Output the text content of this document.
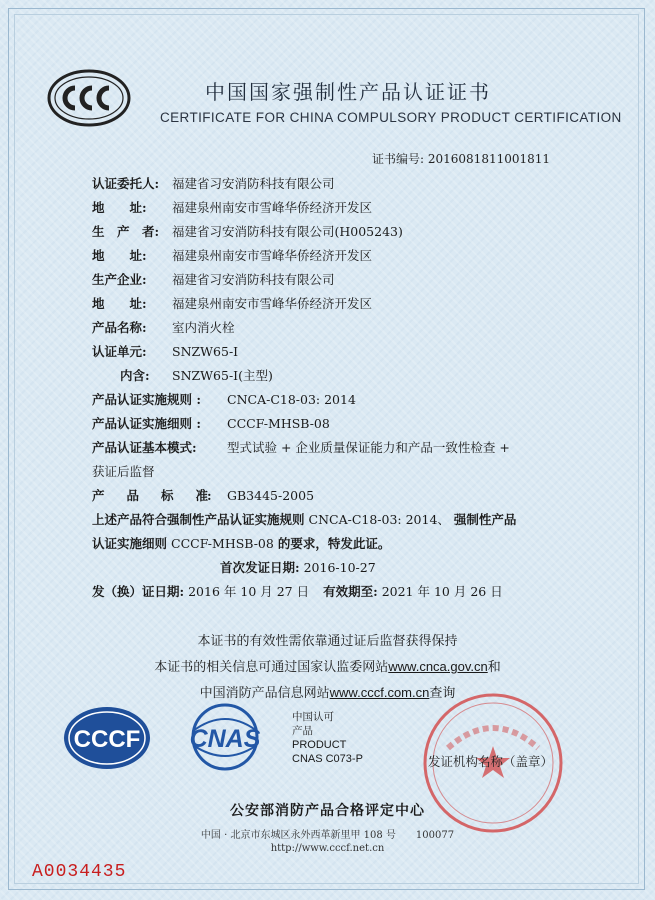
中国国家强制性产品认证证书
CERTIFICATE FOR CHINA COMPULSORY PRODUCT CERTIFICATION
证书编号: 2016081811001811
认证委托人: 福建省习安消防科技有限公司
地　　址: 福建泉州南安市雪峰华侨经济开发区
生　产　者: 福建省习安消防科技有限公司(H005243)
地　　址: 福建泉州南安市雪峰华侨经济开发区
生产企业: 福建省习安消防科技有限公司
地　　址: 福建泉州南安市雪峰华侨经济开发区
产品名称: 室内消火栓
认证单元: SNZW65-I
内含: SNZW65-I(主型)
产品认证实施规则 : CNCA-C18-03: 2014
产品认证实施细则 : CCCF-MHSB-08
产品认证基本模式: 型式试验 + 企业质量保证能力和产品一致性检查 +
获证后监督
产　　品　　标　　准: GB3445-2005
上述产品符合强制性产品认证实施规则 CNCA-C18-03: 2014、 强制性产品
认证实施细则 CCCF-MHSB-08 的要求，特发此证。
首次发证日期: 2016-10-27
发（换）证日期: 2016 年 10 月 27 日 有效期至: 2021 年 10 月 26 日
本证书的有效性需依靠通过证后监督获得保持
本证书的相关信息可通过国家认监委网站www.cnca.gov.cn和
中国消防产品信息网站www.cccf.com.cn查询
CCCF CNAS
中国认可
产品
PRODUCT
CNAS C073-P	发证机构名称（盖章）
公安部消防产品合格评定中心
中国 · 北京市东城区永外西革新里甲 108 号　　100077
http://www.cccf.net.cn
A0034435
